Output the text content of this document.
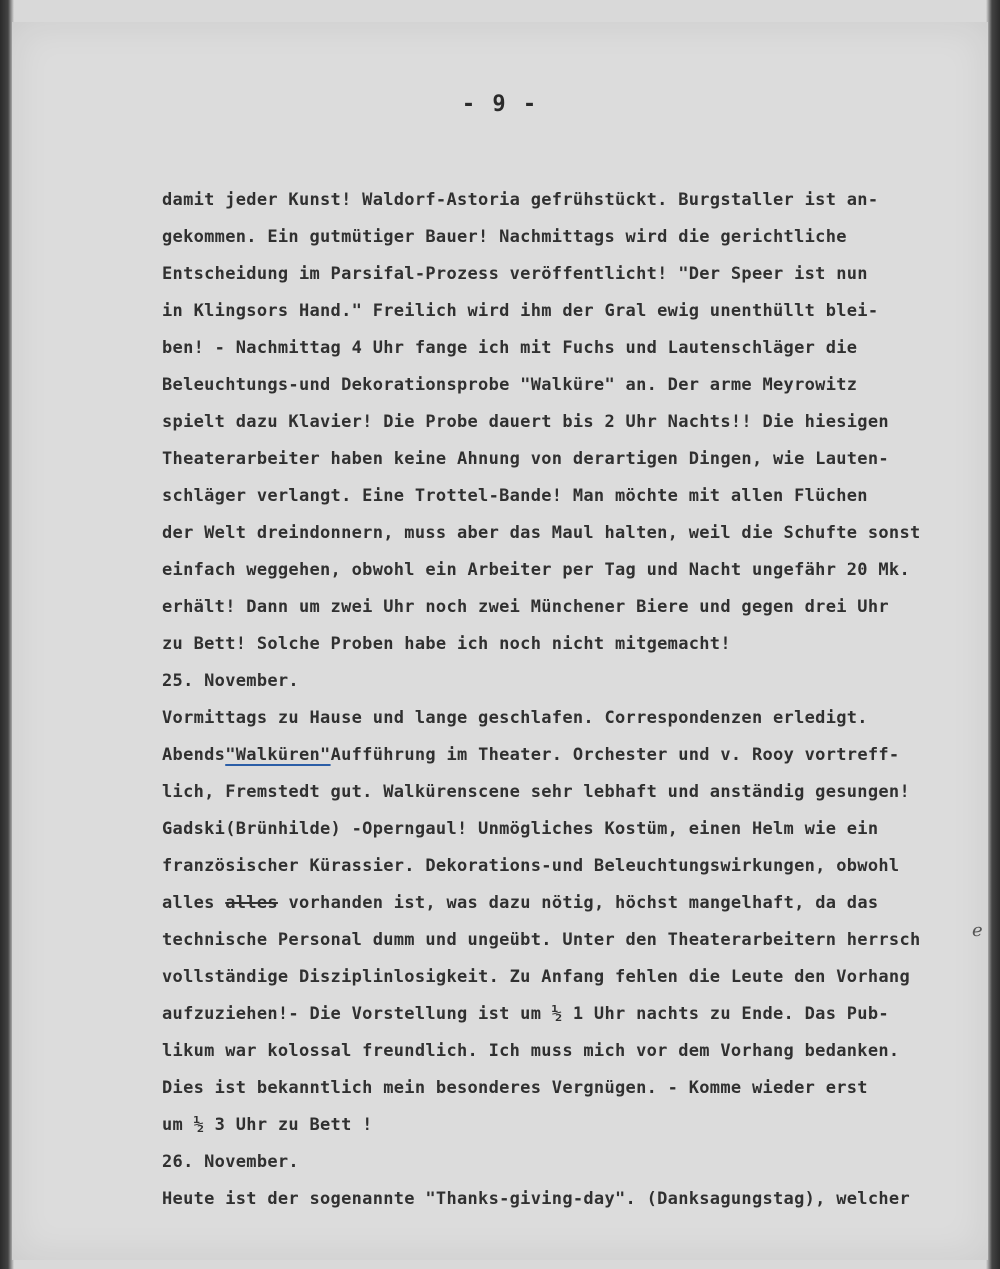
- 9 -
damit jeder Kunst! Waldorf-Astoria gefrühstückt. Burgstaller ist an-
gekommen. Ein gutmütiger Bauer! Nachmittags wird die gerichtliche
Entscheidung im Parsifal-Prozess veröffentlicht! "Der Speer ist nun
in Klingsors Hand." Freilich wird ihm der Gral ewig unenthüllt blei-
ben! - Nachmittag 4 Uhr fange ich mit Fuchs und Lautenschläger die
Beleuchtungs-und Dekorationsprobe "Walküre" an. Der arme Meyrowitz
spielt dazu Klavier! Die Probe dauert bis 2 Uhr Nachts!! Die hiesigen
Theaterarbeiter haben keine Ahnung von derartigen Dingen, wie Lauten-
schläger verlangt. Eine Trottel-Bande! Man möchte mit allen Flüchen
der Welt dreindonnern, muss aber das Maul halten, weil die Schufte sonst
einfach weggehen, obwohl ein Arbeiter per Tag und Nacht ungefähr 20 Mk.
erhält! Dann um zwei Uhr noch zwei Münchener Biere und gegen drei Uhr
zu Bett! Solche Proben habe ich noch nicht mitgemacht!
25. November.
Vormittags zu Hause und lange geschlafen. Correspondenzen erledigt.
Abends"Walküren"Aufführung im Theater. Orchester und v. Rooy vortreff-
lich, Fremstedt gut. Walkürenscene sehr lebhaft und anständig gesungen!
Gadski(Brünhilde) -Operngaul! Unmögliches Kostüm, einen Helm wie ein
französischer Kürassier. Dekorations-und Beleuchtungswirkungen, obwohl
alles alles vorhanden ist, was dazu nötig, höchst mangelhaft, da das
technische Personal dumm und ungeübt. Unter den Theaterarbeitern herrsch
vollständige Disziplinlosigkeit. Zu Anfang fehlen die Leute den Vorhang
aufzuziehen!- Die Vorstellung ist um ½ 1 Uhr nachts zu Ende. Das Pub-
likum war kolossal freundlich. Ich muss mich vor dem Vorhang bedanken.
Dies ist bekanntlich mein besonderes Vergnügen. - Komme wieder erst
um ½ 3 Uhr zu Bett !
26. November.
Heute ist der sogenannte "Thanks-giving-day". (Danksagungstag), welcher
e
